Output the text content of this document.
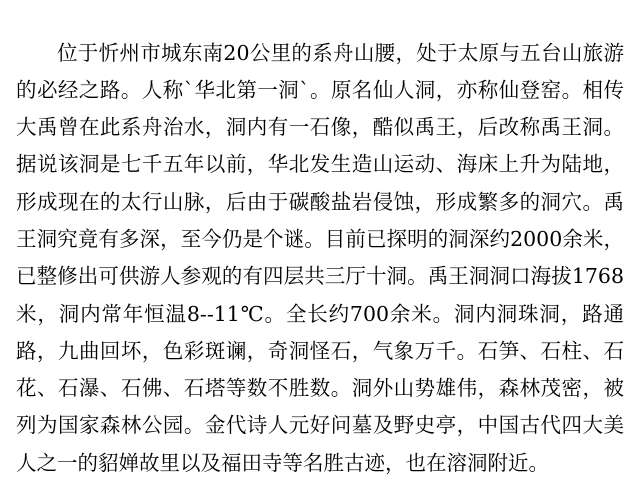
位于忻州市城东南20公里的系舟山腰，处于太原与五台山旅游的必经之路。人称`华北第一洞`。原名仙人洞，亦称仙登窑。相传大禹曾在此系舟治水，洞内有一石像，酷似禹王，后改称禹王洞。据说该洞是七千五年以前，华北发生造山运动、海床上升为陆地，形成现在的太行山脉，后由于碳酸盐岩侵蚀，形成繁多的洞穴。禹王洞究竟有多深，至今仍是个谜。目前已探明的洞深约2000余米，已整修出可供游人参观的有四层共三厅十洞。禹王洞洞口海拔1768米，洞内常年恒温8--11℃。全长约700余米。洞内洞珠洞，路通路，九曲回坏，色彩斑谰，奇洞怪石，气象万千。石笋、石柱、石花、石瀑、石佛、石塔等数不胜数。洞外山势雄伟，森林茂密，被列为国家森林公园。金代诗人元好问墓及野史亭，中国古代四大美人之一的貂婵故里以及福田寺等名胜古迹，也在溶洞附近。
